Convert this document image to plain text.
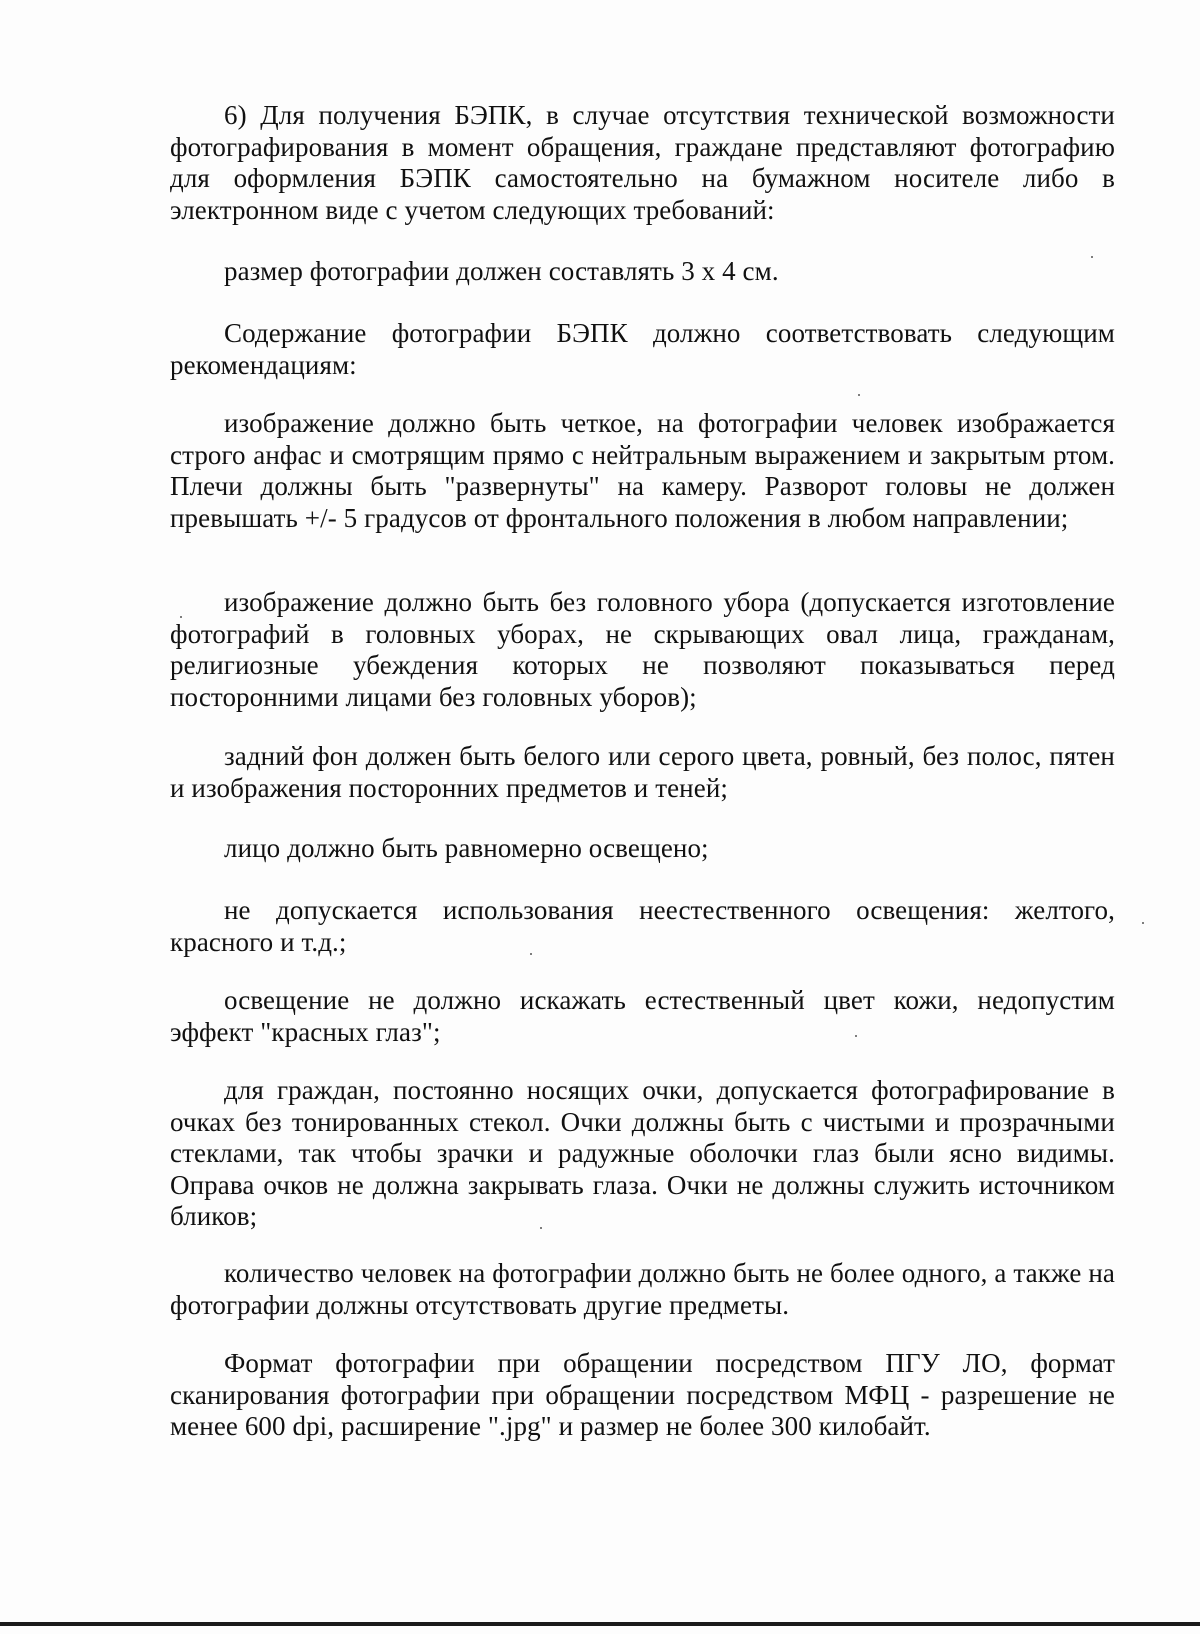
6) Для получения БЭПК, в случае отсутствия технической возможности фотографирования в момент обращения, граждане представляют фотографию для оформления БЭПК самостоятельно на бумажном носителе либо в электронном виде с учетом следующих требований:

размер фотографии должен составлять 3 х 4 см.

Содержание фотографии БЭПК должно соответствовать следующим рекомендациям:

изображение должно быть четкое, на фотографии человек изображается строго анфас и смотрящим прямо с нейтральным выражением и закрытым ртом. Плечи должны быть "развернуты" на камеру. Разворот головы не должен превышать +/- 5 градусов от фронтального положения в любом направлении;

изображение должно быть без головного убора (допускается изготовление фотографий в головных уборах, не скрывающих овал лица, гражданам, религиозные убеждения которых не позволяют показываться перед посторонними лицами без головных уборов);

задний фон должен быть белого или серого цвета, ровный, без полос, пятен и изображения посторонних предметов и теней;

лицо должно быть равномерно освещено;

не допускается использования неестественного освещения: желтого, красного и т.д.;

освещение не должно искажать естественный цвет кожи, недопустим эффект "красных глаз";

для граждан, постоянно носящих очки, допускается фотографирование в очках без тонированных стекол. Очки должны быть с чистыми и прозрачными стеклами, так чтобы зрачки и радужные оболочки глаз были ясно видимы. Оправа очков не должна закрывать глаза. Очки не должны служить источником бликов;

количество человек на фотографии должно быть не более одного, а также на фотографии должны отсутствовать другие предметы.

Формат фотографии при обращении посредством ПГУ ЛО, формат сканирования фотографии при обращении посредством МФЦ - разрешение не менее 600 dpi, расширение ".jpg" и размер не более 300 килобайт.
